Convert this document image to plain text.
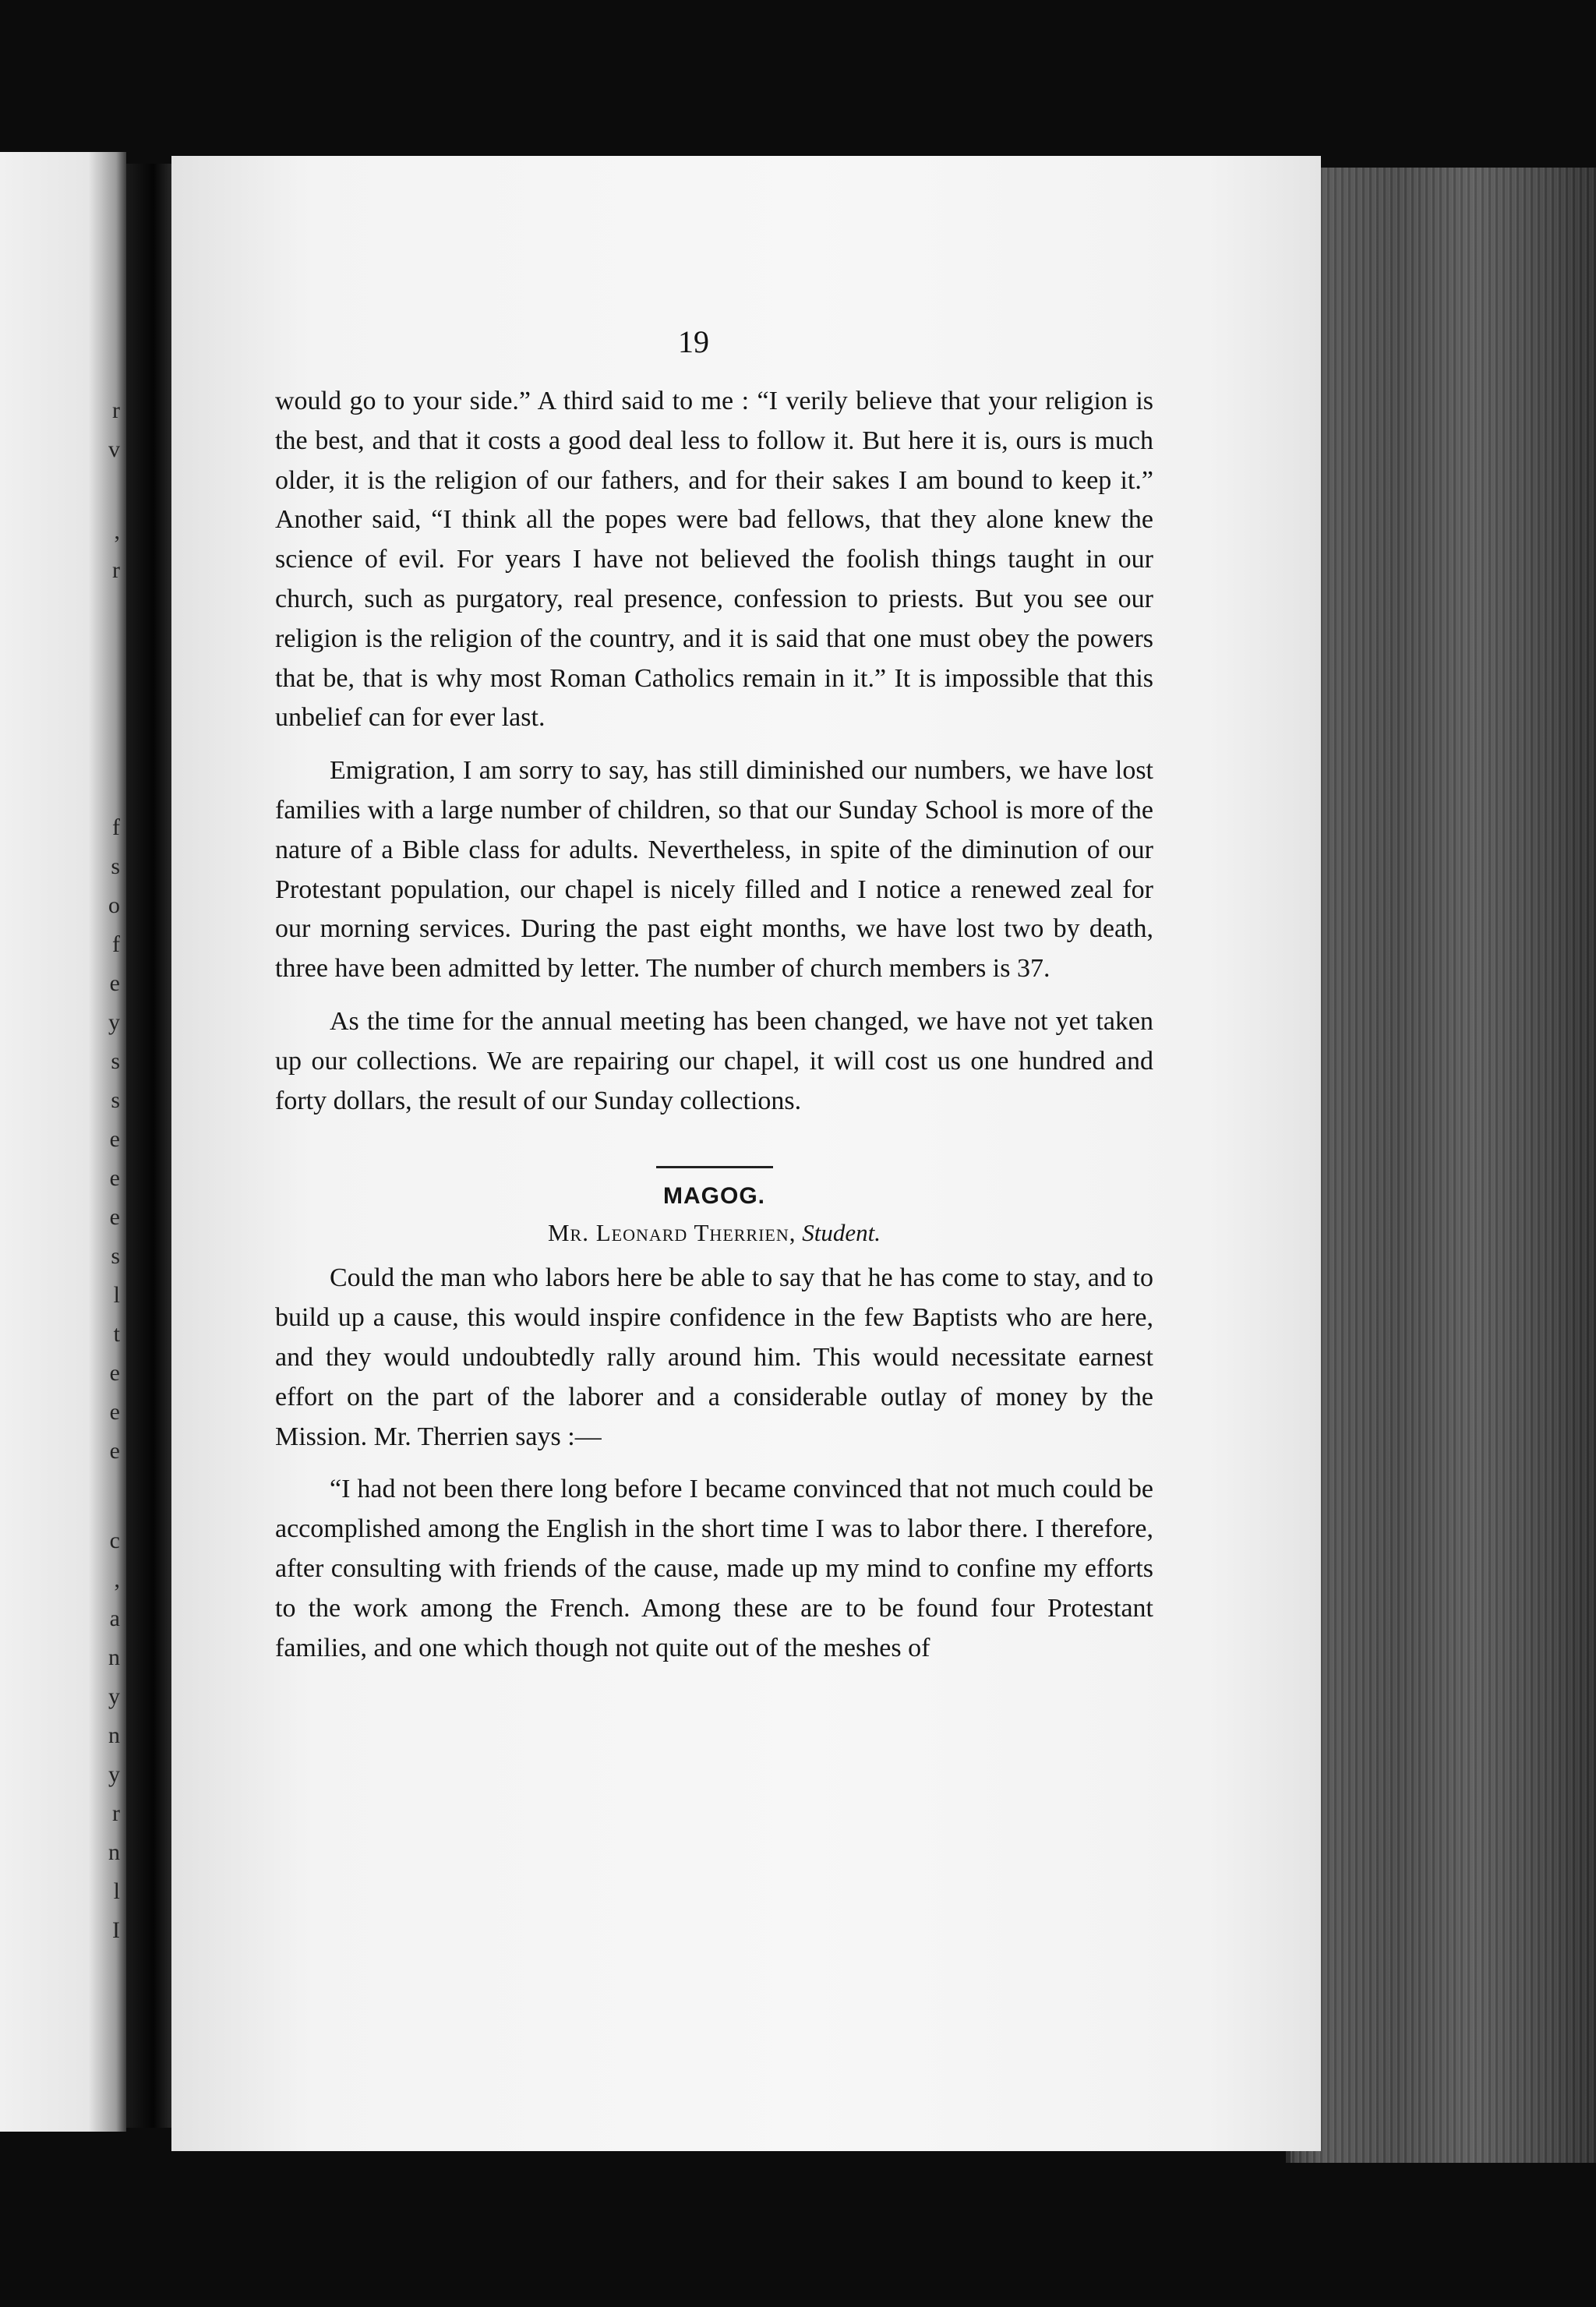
r
v
,
r
f
s
o
f
e
y
s
s
e
e
e
s
l
t
e
e
e
c
,
a
n
y
n
y
r
n
l
I
19

would go to your side.” A third said to me : “I verily believe that your religion is the best, and that it costs a good deal less to follow it. But here it is, ours is much older, it is the religion of our fathers, and for their sakes I am bound to keep it.” Another said, “I think all the popes were bad fellows, that they alone knew the science of evil. For years I have not believed the foolish things taught in our church, such as purgatory, real presence, confession to priests. But you see our religion is the religion of the country, and it is said that one must obey the powers that be, that is why most Roman Catholics remain in it.” It is impossible that this unbelief can for ever last.

Emigration, I am sorry to say, has still diminished our numbers, we have lost families with a large number of children, so that our Sunday School is more of the nature of a Bible class for adults. Nevertheless, in spite of the diminution of our Protestant population, our chapel is nicely filled and I notice a renewed zeal for our morning services. During the past eight months, we have lost two by death, three have been admitted by letter. The number of church members is 37.

As the time for the annual meeting has been changed, we have not yet taken up our collections. We are repairing our chapel, it will cost us one hundred and forty dollars, the result of our Sunday collections.

MAGOG.

Mr. Leonard Therrien, Student.

Could the man who labors here be able to say that he has come to stay, and to build up a cause, this would inspire confidence in the few Baptists who are here, and they would undoubtedly rally around him. This would necessitate earnest effort on the part of the laborer and a considerable outlay of money by the Mission. Mr. Therrien says :—

“I had not been there long before I became convinced that not much could be accomplished among the English in the short time I was to labor there. I therefore, after consulting with friends of the cause, made up my mind to confine my efforts to the work among the French. Among these are to be found four Protestant families, and one which though not quite out of the meshes of
